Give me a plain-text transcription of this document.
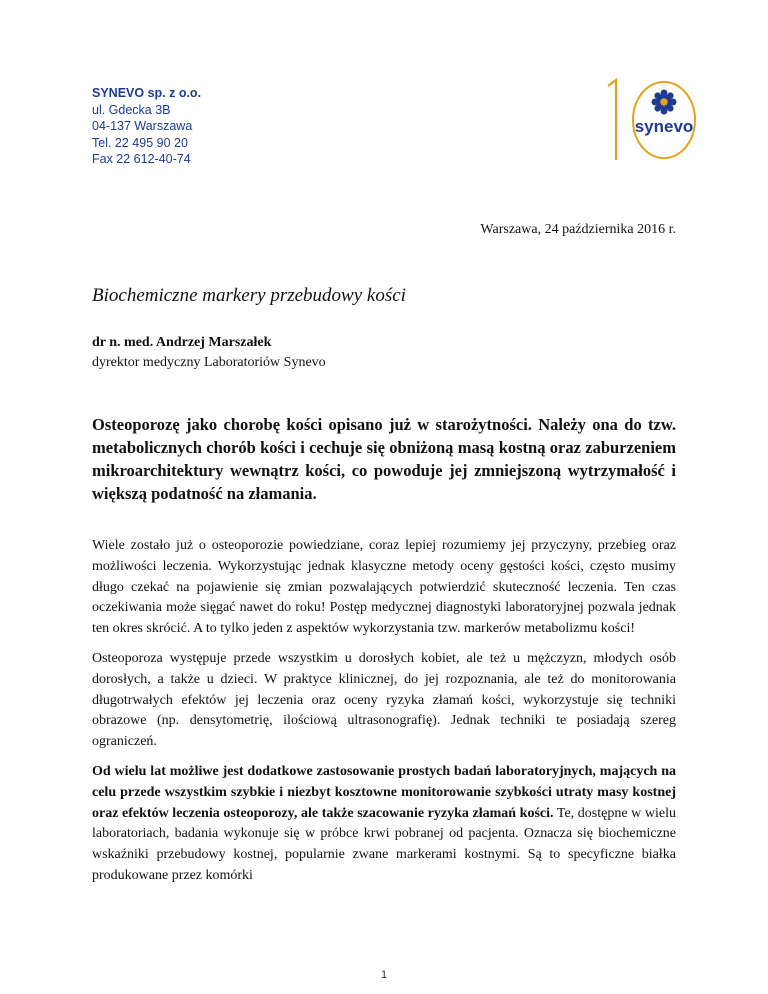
SYNEVO sp. z o.o.
ul. Gdecka 3B
04-137 Warszawa
Tel. 22 495 90 20
Fax 22 612-40-74
synevo
Warszawa, 24 października 2016 r.
Biochemiczne markery przebudowy kości
dr n. med. Andrzej Marszałek
dyrektor medyczny Laboratoriów Synevo
Osteoporozę jako chorobę kości opisano już w starożytności. Należy ona do tzw. metabolicznych chorób kości i cechuje się obniżoną masą kostną oraz zaburzeniem mikroarchitektury wewnątrz kości, co powoduje jej zmniejszoną wytrzymałość i większą podatność na złamania.

Wiele zostało już o osteoporozie powiedziane, coraz lepiej rozumiemy jej przyczyny, przebieg oraz możliwości leczenia. Wykorzystując jednak klasyczne metody oceny gęstości kości, często musimy długo czekać na pojawienie się zmian pozwalających potwierdzić skuteczność leczenia. Ten czas oczekiwania może sięgać nawet do roku! Postęp medycznej diagnostyki laboratoryjnej pozwala jednak ten okres skrócić. A to tylko jeden z aspektów wykorzystania tzw. markerów metabolizmu kości!

Osteoporoza występuje przede wszystkim u dorosłych kobiet, ale też u mężczyzn, młodych osób dorosłych, a także u dzieci. W praktyce klinicznej, do jej rozpoznania, ale też do monitorowania długotrwałych efektów jej leczenia oraz oceny ryzyka złamań kości, wykorzystuje się techniki obrazowe (np. densytometrię, ilościową ultrasonografię). Jednak techniki te posiadają szereg ograniczeń.

Od wielu lat możliwe jest dodatkowe zastosowanie prostych badań laboratoryjnych, mających na celu przede wszystkim szybkie i niezbyt kosztowne monitorowanie szybkości utraty masy kostnej oraz efektów leczenia osteoporozy, ale także szacowanie ryzyka złamań kości. Te, dostępne w wielu laboratoriach, badania wykonuje się w próbce krwi pobranej od pacjenta. Oznacza się biochemiczne wskaźniki przebudowy kostnej, popularnie zwane markerami kostnymi. Są to specyficzne białka produkowane przez komórki

1
